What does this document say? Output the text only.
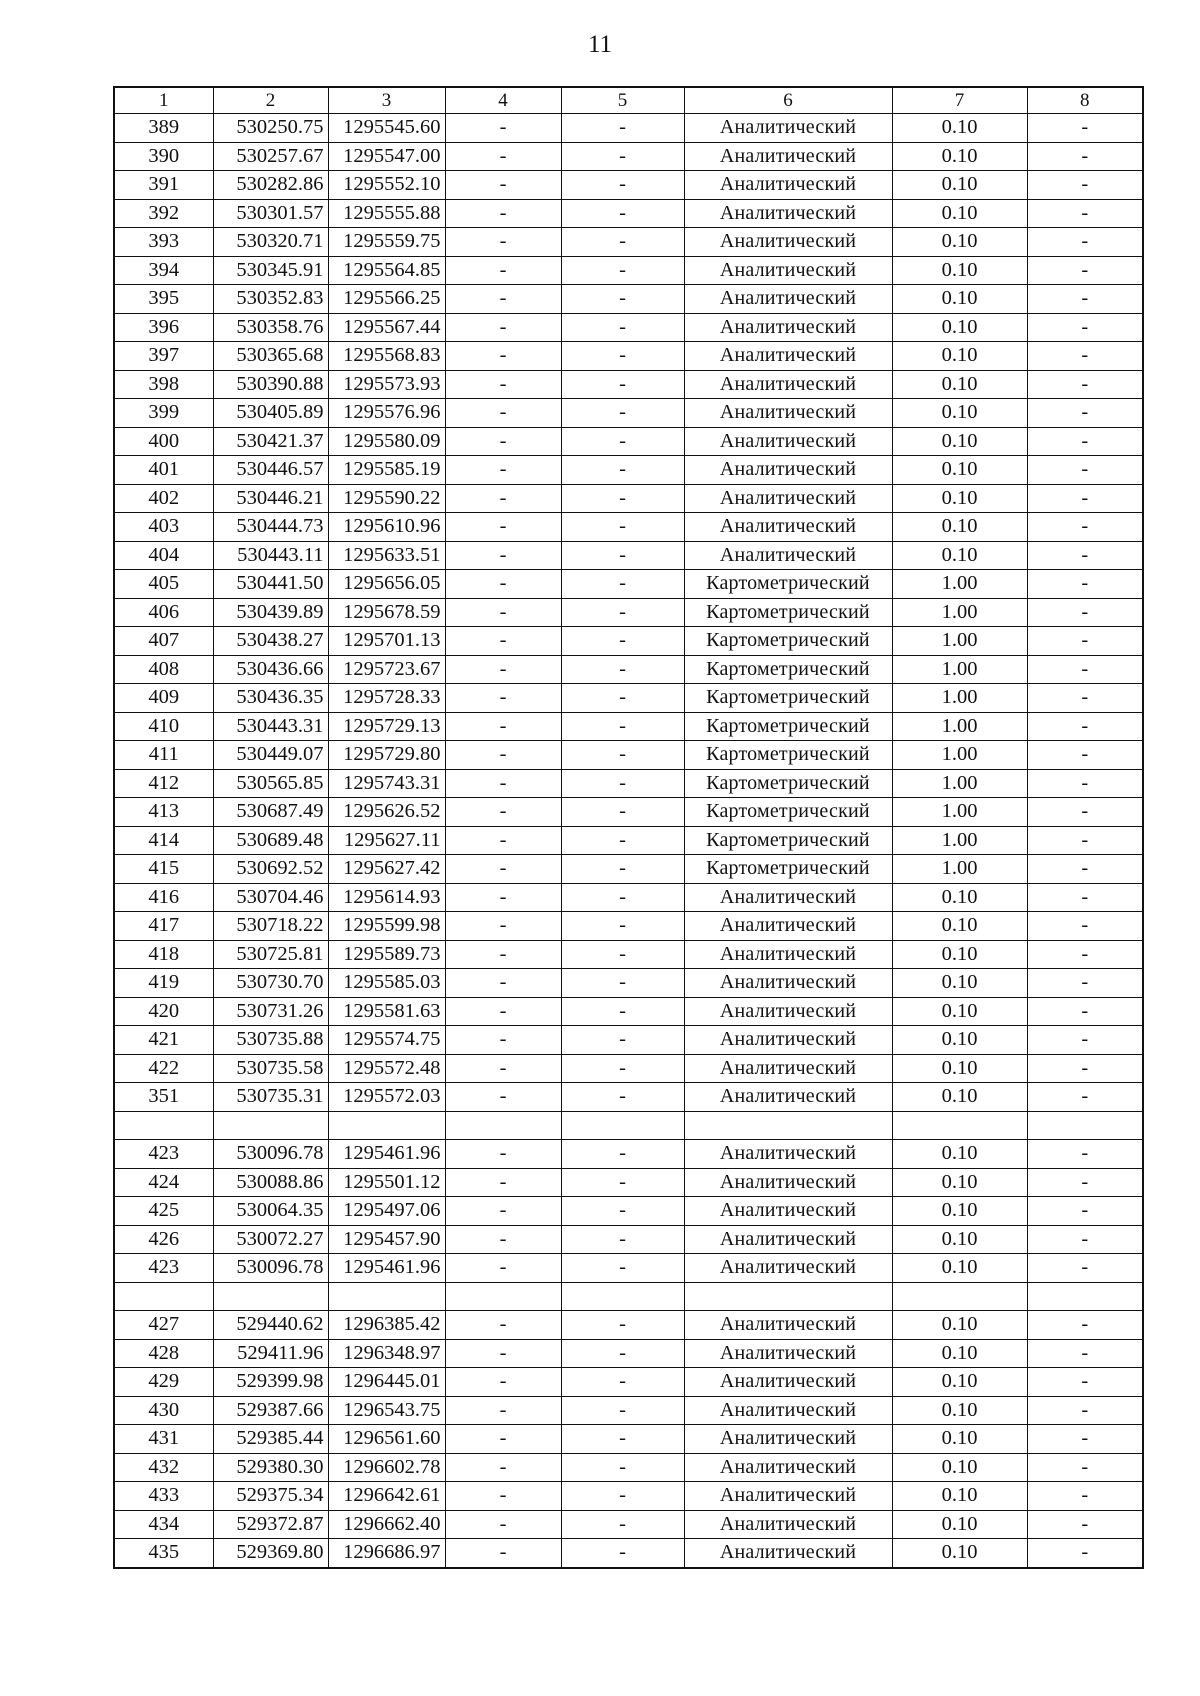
11
1	2	3	4	5	6	7	8
389	530250.75	1295545.60	-	-	Аналитический	0.10	-
390	530257.67	1295547.00	-	-	Аналитический	0.10	-
391	530282.86	1295552.10	-	-	Аналитический	0.10	-
392	530301.57	1295555.88	-	-	Аналитический	0.10	-
393	530320.71	1295559.75	-	-	Аналитический	0.10	-
394	530345.91	1295564.85	-	-	Аналитический	0.10	-
395	530352.83	1295566.25	-	-	Аналитический	0.10	-
396	530358.76	1295567.44	-	-	Аналитический	0.10	-
397	530365.68	1295568.83	-	-	Аналитический	0.10	-
398	530390.88	1295573.93	-	-	Аналитический	0.10	-
399	530405.89	1295576.96	-	-	Аналитический	0.10	-
400	530421.37	1295580.09	-	-	Аналитический	0.10	-
401	530446.57	1295585.19	-	-	Аналитический	0.10	-
402	530446.21	1295590.22	-	-	Аналитический	0.10	-
403	530444.73	1295610.96	-	-	Аналитический	0.10	-
404	530443.11	1295633.51	-	-	Аналитический	0.10	-
405	530441.50	1295656.05	-	-	Картометрический	1.00	-
406	530439.89	1295678.59	-	-	Картометрический	1.00	-
407	530438.27	1295701.13	-	-	Картометрический	1.00	-
408	530436.66	1295723.67	-	-	Картометрический	1.00	-
409	530436.35	1295728.33	-	-	Картометрический	1.00	-
410	530443.31	1295729.13	-	-	Картометрический	1.00	-
411	530449.07	1295729.80	-	-	Картометрический	1.00	-
412	530565.85	1295743.31	-	-	Картометрический	1.00	-
413	530687.49	1295626.52	-	-	Картометрический	1.00	-
414	530689.48	1295627.11	-	-	Картометрический	1.00	-
415	530692.52	1295627.42	-	-	Картометрический	1.00	-
416	530704.46	1295614.93	-	-	Аналитический	0.10	-
417	530718.22	1295599.98	-	-	Аналитический	0.10	-
418	530725.81	1295589.73	-	-	Аналитический	0.10	-
419	530730.70	1295585.03	-	-	Аналитический	0.10	-
420	530731.26	1295581.63	-	-	Аналитический	0.10	-
421	530735.88	1295574.75	-	-	Аналитический	0.10	-
422	530735.58	1295572.48	-	-	Аналитический	0.10	-
351	530735.31	1295572.03	-	-	Аналитический	0.10	-

423	530096.78	1295461.96	-	-	Аналитический	0.10	-
424	530088.86	1295501.12	-	-	Аналитический	0.10	-
425	530064.35	1295497.06	-	-	Аналитический	0.10	-
426	530072.27	1295457.90	-	-	Аналитический	0.10	-
423	530096.78	1295461.96	-	-	Аналитический	0.10	-

427	529440.62	1296385.42	-	-	Аналитический	0.10	-
428	529411.96	1296348.97	-	-	Аналитический	0.10	-
429	529399.98	1296445.01	-	-	Аналитический	0.10	-
430	529387.66	1296543.75	-	-	Аналитический	0.10	-
431	529385.44	1296561.60	-	-	Аналитический	0.10	-
432	529380.30	1296602.78	-	-	Аналитический	0.10	-
433	529375.34	1296642.61	-	-	Аналитический	0.10	-
434	529372.87	1296662.40	-	-	Аналитический	0.10	-
435	529369.80	1296686.97	-	-	Аналитический	0.10	-
